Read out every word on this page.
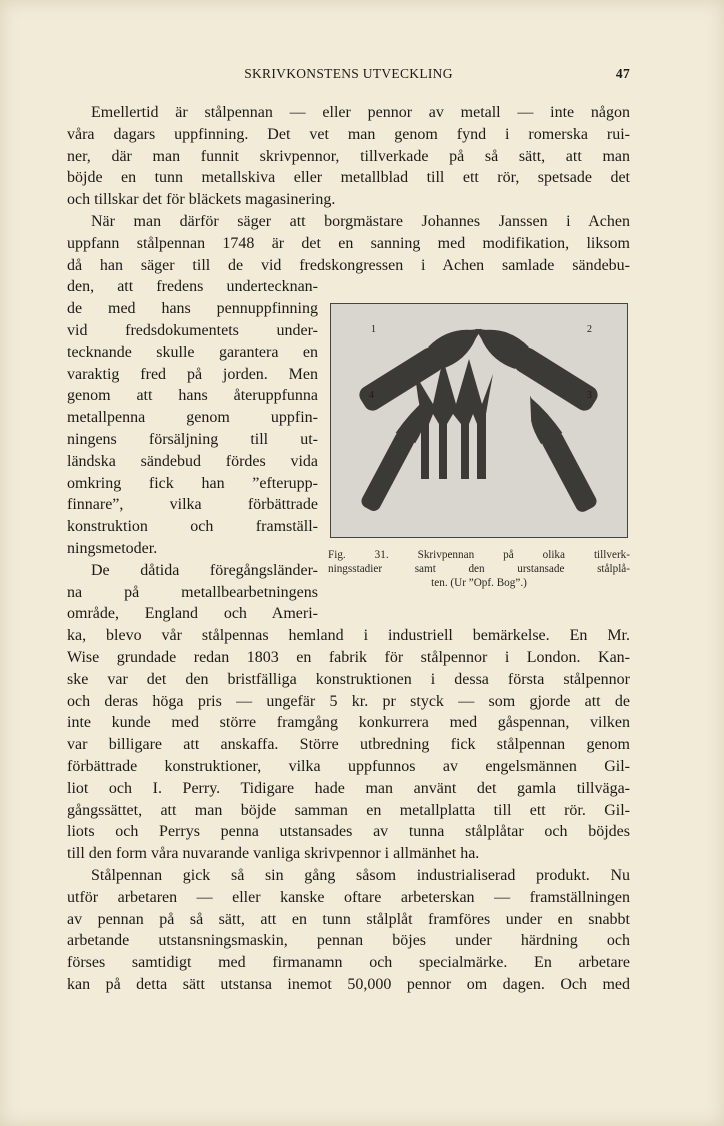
SKRIVKONSTENS UTVECKLING	47
Emellertid är stålpennan — eller pennor av metall — inte någon
våra dagars uppfinning. Det vet man genom fynd i romerska rui-
ner, där man funnit skrivpennor, tillverkade på så sätt, att man
böjde en tunn metallskiva eller metallblad till ett rör, spetsade det
och tillskar det för bläckets magasinering.
När man därför säger att borgmästare Johannes Janssen i Achen
uppfann stålpennan 1748 är det en sanning med modifikation, liksom
då han säger till de vid fredskongressen i Achen samlade sändebu-
den, att fredens undertecknan-
de med hans pennuppfinning
vid fredsdokumentets under-
tecknande skulle garantera en
varaktig fred på jorden. Men
genom att hans återuppfunna
metallpenna genom uppfin-
ningens försäljning till ut-
ländska sändebud fördes vida
omkring fick han ”efterupp-
finnare”, vilka förbättrade
konstruktion och framställ-
ningsmetoder.
De dåtida föregångsländer-
na på metallbearbetningens
område, England och Ameri-
ka, blevo vår stålpennas hemland i industriell bemärkelse. En Mr.
Wise grundade redan 1803 en fabrik för stålpennor i London. Kan-
ske var det den bristfälliga konstruktionen i dessa första stålpennor
och deras höga pris — ungefär 5 kr. pr styck — som gjorde att de
inte kunde med större framgång konkurrera med gåspennan, vilken
var billigare att anskaffa. Större utbredning fick stålpennan genom
förbättrade konstruktioner, vilka uppfunnos av engelsmännen Gil-
liot och I. Perry. Tidigare hade man använt det gamla tillväga-
gångssättet, att man böjde samman en metallplatta till ett rör. Gil-
liots och Perrys penna utstansades av tunna stålplåtar och böjdes
till den form våra nuvarande vanliga skrivpennor i allmänhet ha.
Stålpennan gick så sin gång såsom industrialiserad produkt. Nu
utför arbetaren — eller kanske oftare arbeterskan — framställningen
av pennan på så sätt, att en tunn stålplåt framföres under en snabbt
arbetande utstansningsmaskin, pennan böjes under härdning och
förses samtidigt med firmanamn och specialmärke. En arbetare
kan på detta sätt utstansa inemot 50,000 pennor om dagen. Och med
1	2
3
4
Fig. 31. Skrivpennan på olika tillverk-
ningsstadier samt den urstansade stålplå-
ten. (Ur ”Opf. Bog”.)
